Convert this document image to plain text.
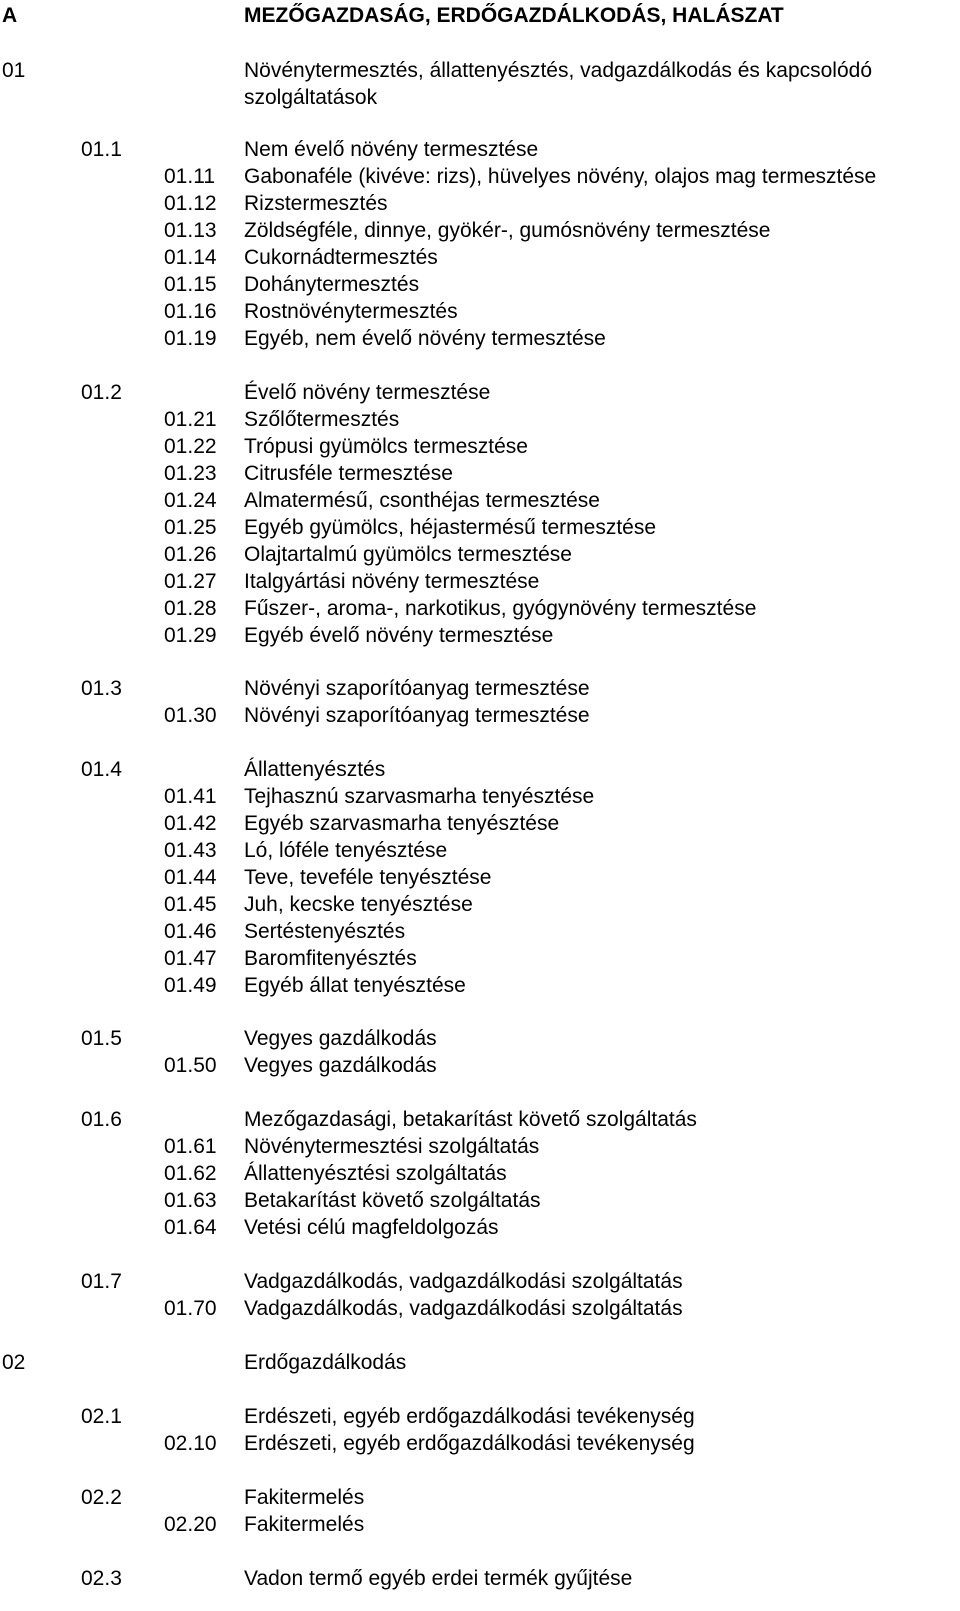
A	MEZŐGAZDASÁG, ERDŐGAZDÁLKODÁS, HALÁSZAT
01	Növénytermesztés, állattenyésztés, vadgazdálkodás és kapcsolódó
szolgáltatások
01.1	Nem évelő növény termesztése
01.11 Gabonaféle (kivéve: rizs), hüvelyes növény, olajos mag termesztése
01.12 Rizstermesztés
01.13 Zöldségféle, dinnye, gyökér-, gumósnövény termesztése
01.14 Cukornádtermesztés
01.15 Dohánytermesztés
01.16 Rostnövénytermesztés
01.19 Egyéb, nem évelő növény termesztése
01.2	Évelő növény termesztése
01.21 Szőlőtermesztés
01.22 Trópusi gyümölcs termesztése
01.23 Citrusféle termesztése
01.24 Almatermésű, csonthéjas termesztése
01.25 Egyéb gyümölcs, héjastermésű termesztése
01.26 Olajtartalmú gyümölcs termesztése
01.27 Italgyártási növény termesztése
01.28 Fűszer-, aroma-, narkotikus, gyógynövény termesztése
01.29 Egyéb évelő növény termesztése
01.3	Növényi szaporítóanyag termesztése
01.30 Növényi szaporítóanyag termesztése
01.4	Állattenyésztés
01.41 Tejhasznú szarvasmarha tenyésztése
01.42 Egyéb szarvasmarha tenyésztése
01.43 Ló, lóféle tenyésztése
01.44 Teve, teveféle tenyésztése
01.45 Juh, kecske tenyésztése
01.46 Sertéstenyésztés
01.47 Baromfitenyésztés
01.49 Egyéb állat tenyésztése
01.5	Vegyes gazdálkodás
01.50 Vegyes gazdálkodás
01.6	Mezőgazdasági, betakarítást követő szolgáltatás
01.61 Növénytermesztési szolgáltatás
01.62 Állattenyésztési szolgáltatás
01.63 Betakarítást követő szolgáltatás
01.64 Vetési célú magfeldolgozás
01.7	Vadgazdálkodás, vadgazdálkodási szolgáltatás
01.70 Vadgazdálkodás, vadgazdálkodási szolgáltatás
02	Erdőgazdálkodás
02.1	Erdészeti, egyéb erdőgazdálkodási tevékenység
02.10 Erdészeti, egyéb erdőgazdálkodási tevékenység
02.2	Fakitermelés
02.20 Fakitermelés
02.3	Vadon termő egyéb erdei termék gyűjtése
